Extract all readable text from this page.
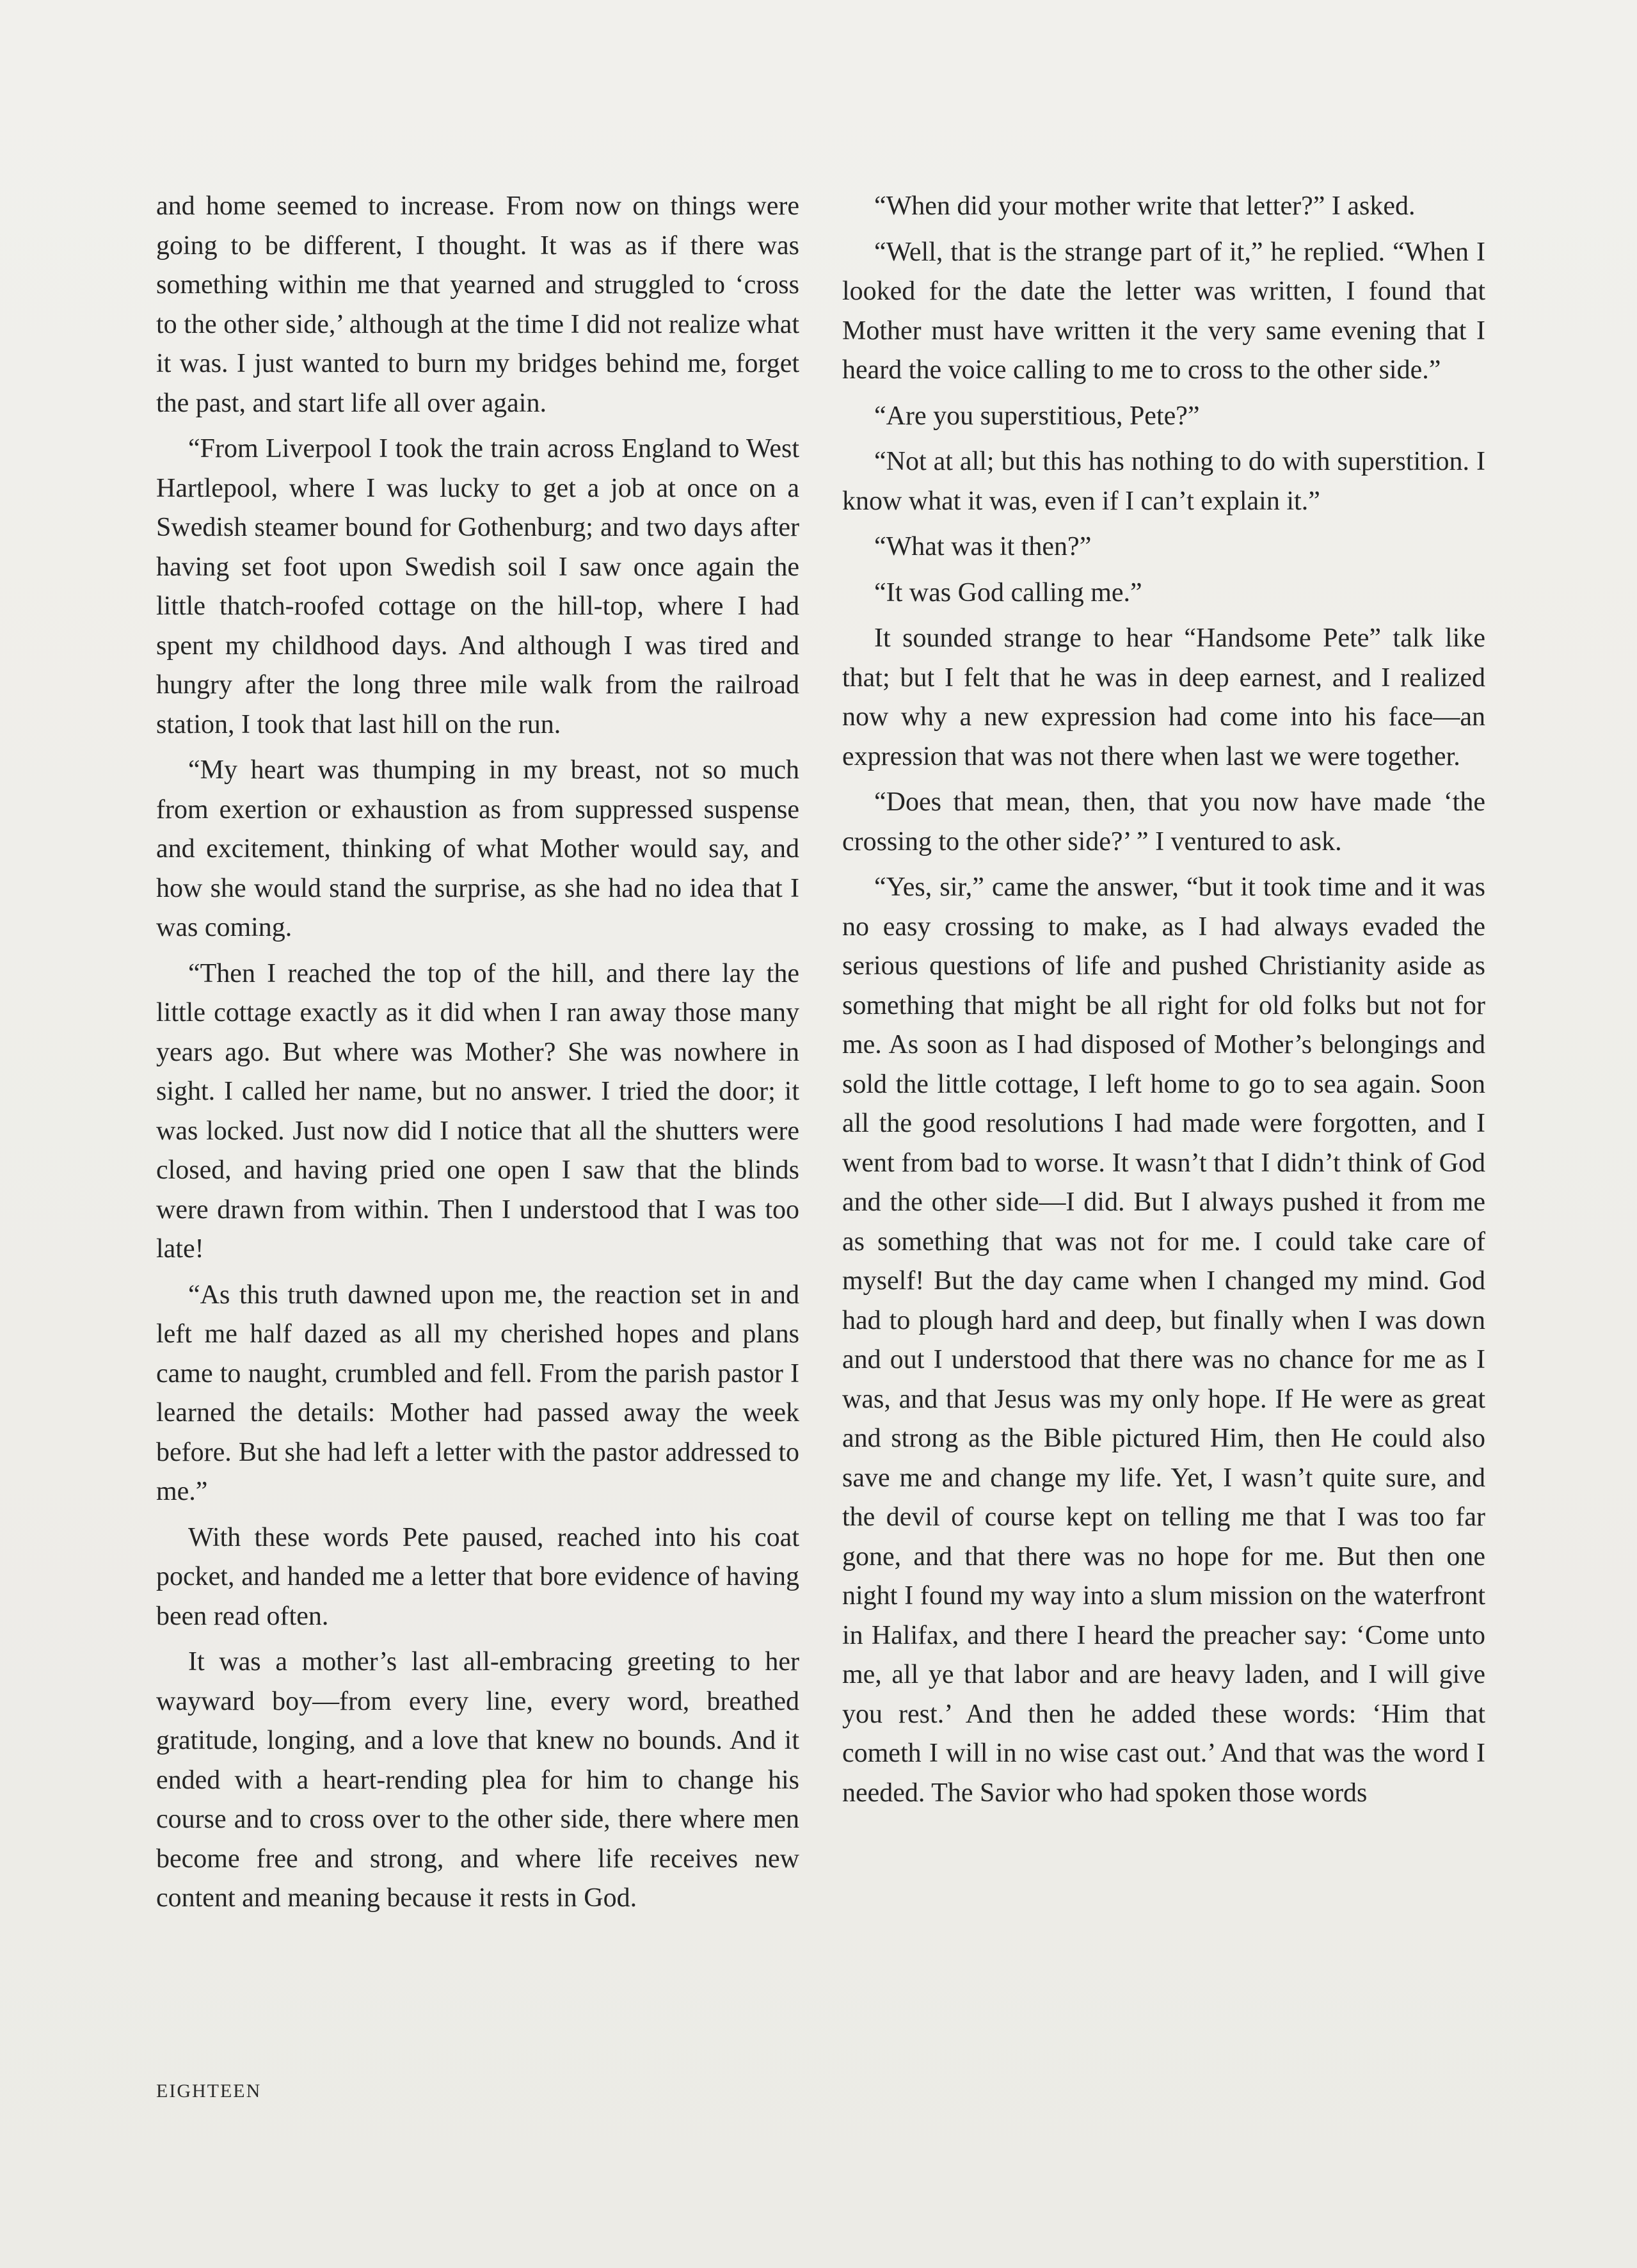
and home seemed to increase. From now on things were going to be different, I thought. It was as if there was something within me that yearned and struggled to ‘cross to the other side,’ although at the time I did not realize what it was. I just wanted to burn my bridges behind me, forget the past, and start life all over again.

“From Liverpool I took the train across England to West Hartlepool, where I was lucky to get a job at once on a Swedish steamer bound for Gothenburg; and two days after having set foot upon Swedish soil I saw once again the little thatch-roofed cottage on the hill-top, where I had spent my childhood days. And although I was tired and hungry after the long three mile walk from the railroad station, I took that last hill on the run.

“My heart was thumping in my breast, not so much from exertion or exhaustion as from suppressed suspense and excitement, thinking of what Mother would say, and how she would stand the surprise, as she had no idea that I was coming.

“Then I reached the top of the hill, and there lay the little cottage exactly as it did when I ran away those many years ago. But where was Mother? She was nowhere in sight. I called her name, but no answer. I tried the door; it was locked. Just now did I notice that all the shutters were closed, and having pried one open I saw that the blinds were drawn from within. Then I understood that I was too late!

“As this truth dawned upon me, the reaction set in and left me half dazed as all my cherished hopes and plans came to naught, crumbled and fell. From the parish pastor I learned the details: Mother had passed away the week before. But she had left a letter with the pastor addressed to me.”

With these words Pete paused, reached into his coat pocket, and handed me a letter that bore evidence of having been read often.

It was a mother’s last all-embracing greeting to her wayward boy—from every line, every word, breathed gratitude, longing, and a love that knew no bounds. And it ended with a heart-rending plea for him to change his course and to cross over to the other side, there where men become free and strong, and where life receives new content and meaning because it rests in God.

“When did your mother write that letter?” I asked.

“Well, that is the strange part of it,” he replied. “When I looked for the date the letter was written, I found that Mother must have written it the very same evening that I heard the voice calling to me to cross to the other side.”

“Are you superstitious, Pete?”

“Not at all; but this has nothing to do with superstition. I know what it was, even if I can’t explain it.”

“What was it then?”

“It was God calling me.”

It sounded strange to hear “Handsome Pete” talk like that; but I felt that he was in deep earnest, and I realized now why a new expression had come into his face—an expression that was not there when last we were together.

“Does that mean, then, that you now have made ‘the crossing to the other side?’ ” I ventured to ask.

“Yes, sir,” came the answer, “but it took time and it was no easy crossing to make, as I had always evaded the serious questions of life and pushed Christianity aside as something that might be all right for old folks but not for me. As soon as I had disposed of Mother’s belongings and sold the little cottage, I left home to go to sea again. Soon all the good resolutions I had made were forgotten, and I went from bad to worse. It wasn’t that I didn’t think of God and the other side—I did. But I always pushed it from me as something that was not for me. I could take care of myself! But the day came when I changed my mind. God had to plough hard and deep, but finally when I was down and out I understood that there was no chance for me as I was, and that Jesus was my only hope. If He were as great and strong as the Bible pictured Him, then He could also save me and change my life. Yet, I wasn’t quite sure, and the devil of course kept on telling me that I was too far gone, and that there was no hope for me. But then one night I found my way into a slum mission on the waterfront in Halifax, and there I heard the preacher say: ‘Come unto me, all ye that labor and are heavy laden, and I will give you rest.’ And then he added these words: ‘Him that cometh I will in no wise cast out.’ And that was the word I needed. The Savior who had spoken those words

EIGHTEEN
